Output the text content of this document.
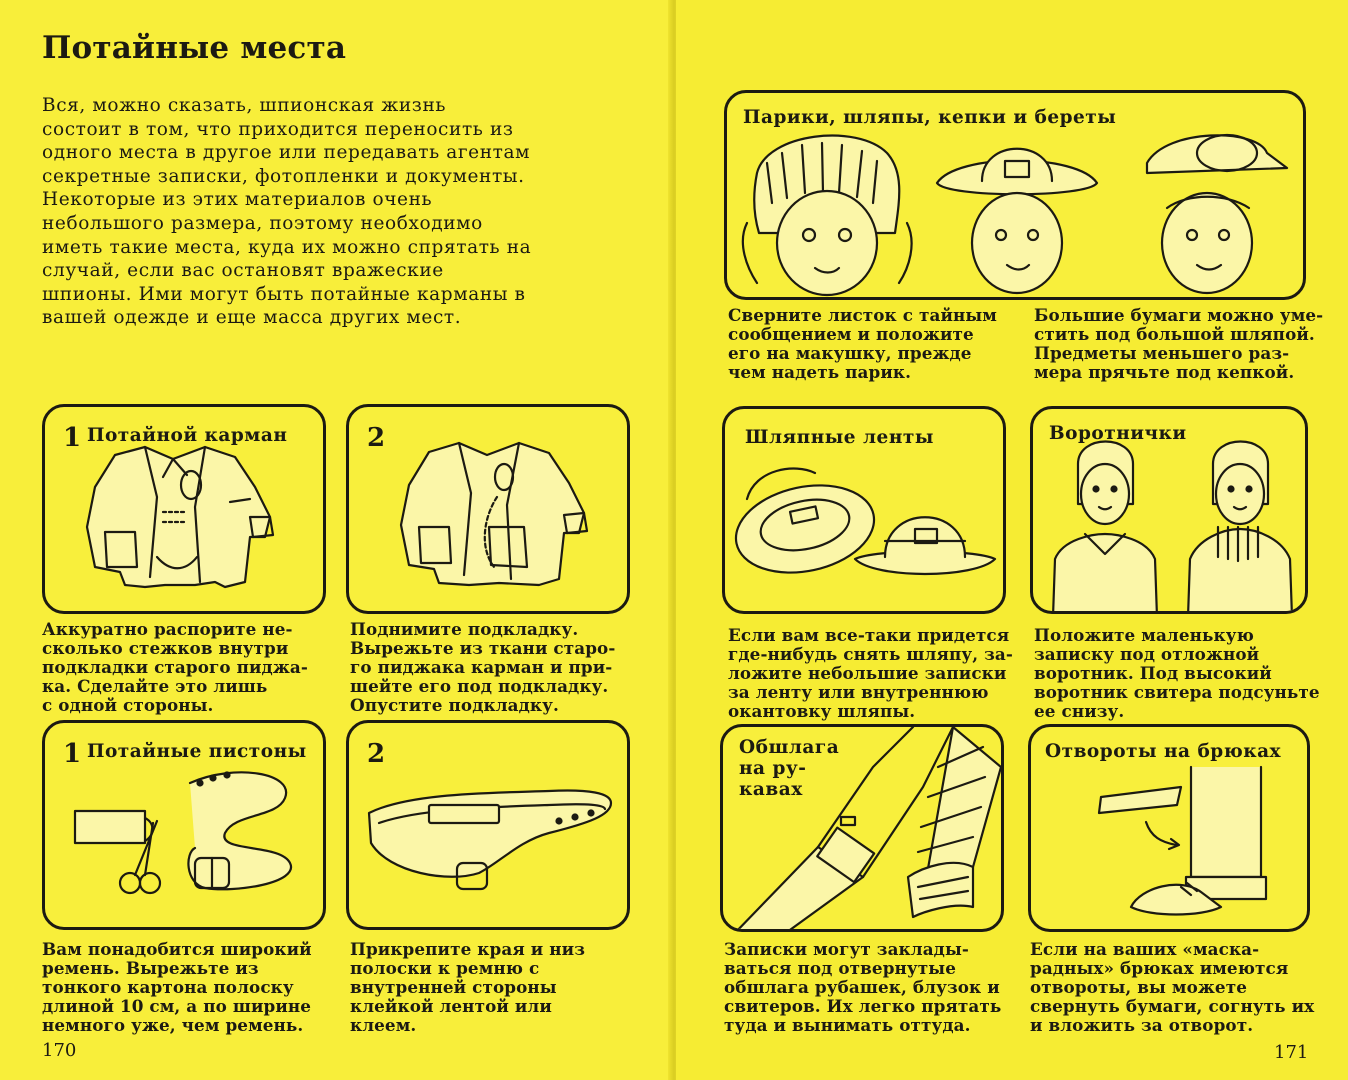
Потайные места
Вся, можно сказать, шпионская жизнь
состоит в том, что приходится переносить из
одного места в другое или передавать агентам
секретные записки, фотопленки и документы.
Некоторые из этих материалов очень
небольшого размера, поэтому необходимо
иметь такие места, куда их можно спрятать на
случай, если вас остановят вражеские
шпионы. Ими могут быть потайные карманы в
вашей одежде и еще масса других мест.
1 Потайной карман	2
Аккуратно распорите не-
сколько стежков внутри
подкладки старого пиджа-
ка. Сделайте это лишь
с одной стороны.
Поднимите подкладку.
Вырежьте из ткани старо-
го пиджака карман и при-
шейте его под подкладку.
Опустите подкладку.
1 Потайные пистоны 2
Вам понадобится широкий
ремень. Вырежьте из
тонкого картона полоску
длиной 10 см, а по ширине
немного уже, чем ремень.
Прикрепите края и низ
полоски к ремню с
внутренней стороны
клейкой лентой или
клеем.
170
Парики, шляпы, кепки и береты
Сверните листок с тайным
сообщением и положите
его на макушку, прежде
чем надеть парик.
Большие бумаги можно уме-
стить под большой шляпой.
Предметы меньшего раз-
мера прячьте под кепкой.
Шляпные ленты
Если вам все-таки придется
где-нибудь снять шляпу, за-
ложите небольшие записки
за ленту или внутреннюю
окантовку шляпы.
Воротнички
Положите маленькую
записку под отложной
воротник. Под высокий
воротник свитера подсуньте
ее снизу.
Обшлага
на ру-
кавах
Записки могут заклады-
ваться под отвернутые
обшлага рубашек, блузок и
свитеров. Их легко прятать
туда и вынимать оттуда.
Отвороты на брюках
Если на ваших «маска-
радных» брюках имеются
отвороты, вы можете
свернуть бумаги, согнуть их
и вложить за отворот.
171
